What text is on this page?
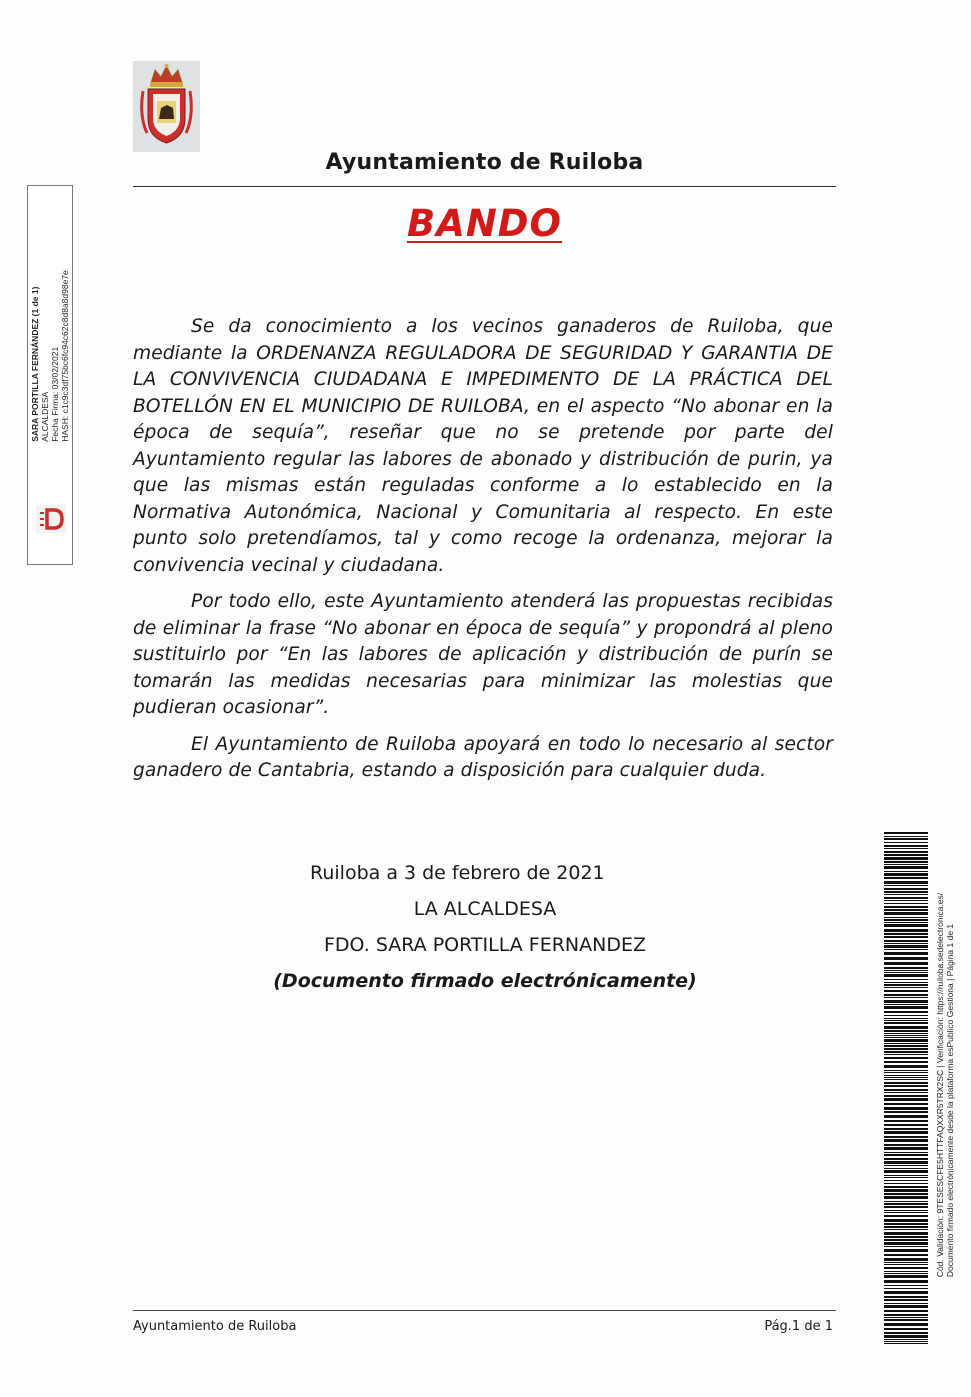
Ayuntamiento de Ruiloba
BANDO

Se da conocimiento a los vecinos ganaderos de Ruiloba, que mediante la ORDENANZA REGULADORA DE SEGURIDAD Y GARANTIA DE LA CONVIVENCIA CIUDADANA E IMPEDIMENTO DE LA PRÁCTICA DEL BOTELLÓN EN EL MUNICIPIO DE RUILOBA, en el aspecto “No abonar en la época de sequía”, reseñar que no se pretende por parte del Ayuntamiento regular las labores de abonado y distribución de purin, ya que las mismas están reguladas conforme a lo establecido en la Normativa Autonómica, Nacional y Comunitaria al respecto. En este punto solo pretendíamos, tal y como recoge la ordenanza, mejorar la convivencia vecinal y ciudadana.

Por todo ello, este Ayuntamiento atenderá las propuestas recibidas de eliminar la frase “No abonar en época de sequía” y propondrá al pleno sustituirlo por “En las labores de aplicación y distribución de purín se tomarán las medidas necesarias para minimizar las molestias que pudieran ocasionar”.

El Ayuntamiento de Ruiloba apoyará en todo lo necesario al sector ganadero de Cantabria, estando a disposición para cualquier duda.

Ruiloba a 3 de febrero de 2021
LA ALCALDESA
FDO. SARA PORTILLA FERNANDEZ
(Documento firmado electrónicamente)
Ayuntamiento de Ruiloba	Pág.1 de 1
SARA PORTILLA FERNÁNDEZ (1 de 1) ALCALDESA Fecha Firma: 03/02/2021 HASH: c1c9c3df75bc6fc94c62c8d8a8d98e7e
Cód. Validación: 9TESESCFE5HTTFAQXXR5TRX2SC | Verificación: https://ruiloba.sedelectronica.es/ Documento firmado electrónicamente desde la plataforma esPublico Gestiona | Página 1 de 1
